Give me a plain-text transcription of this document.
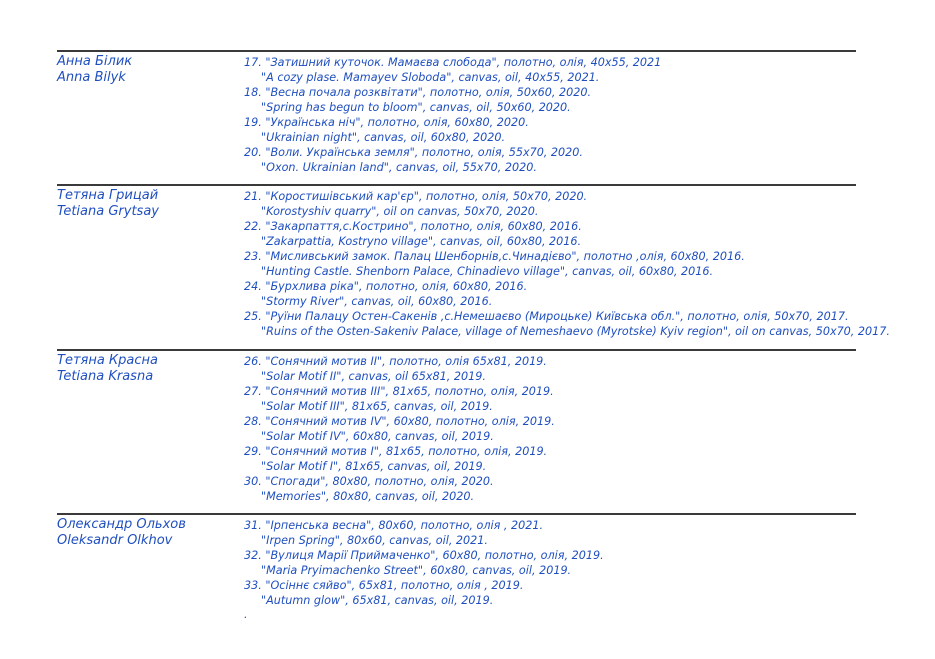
Анна Білик
Anna Bilyk
17. "Затишний куточок. Мамаєва слобода", полотно, олія, 40x55, 2021
"A cozy plase. Mamayev Sloboda", canvas, oil, 40x55, 2021.
18. "Весна почала розквітати", полотно, олія, 50x60, 2020.
"Spring has begun to bloom", canvas, oil, 50x60, 2020.
19. "Українська ніч", полотно, олія, 60x80, 2020.
"Ukrainian night", canvas, oil, 60x80, 2020.
20. "Воли. Українська земля", полотно, олія, 55x70, 2020.
"Oxon. Ukrainian land", canvas, oil, 55x70, 2020.
Тетяна Грицай
Tetiana Grytsay
21. "Коростишівський кар'єр", полотно, олія, 50x70, 2020.
"Korostyshiv quarry", oil on canvas, 50x70, 2020.
22. "Закарпаття,с.Кострино", полотно, олія, 60x80, 2016.
"Zakarpattia, Kostryno village", canvas, oil, 60x80, 2016.
23. "Мисливський замок. Палац Шенборнів,с.Чинадієво", полотно ,олія, 60x80, 2016.
"Hunting Castle. Shenborn Palace, Chinadievo village", canvas, oil, 60x80, 2016.
24. "Бурхлива ріка", полотно, олія, 60x80, 2016.
"Stormy River", canvas, oil, 60x80, 2016.
25. "Руїни Палацу Остен-Сакенів ,с.Немешаєво (Мироцьке) Київська обл.", полотно, олія, 50x70, 2017.
"Ruins of the Osten-Sakeniv Palace, village of Nemeshaevo (Myrotske) Kyiv region", oil on canvas, 50x70, 2017.
Тетяна Красна
Tetiana Krasna
26. "Сонячний мотив ІІ", полотно, олія 65x81, 2019.
"Solar Motif II", canvas, oil 65x81, 2019.
27. "Сонячний мотив ІІІ", 81x65, полотно, олія, 2019.
"Solar Motif III", 81x65, canvas, oil, 2019.
28. "Сонячний мотив IV", 60x80, полотно, олія, 2019.
"Solar Motif IV", 60x80, canvas, oil, 2019.
29. "Сонячний мотив І", 81x65, полотно, олія, 2019.
"Solar Motif I", 81x65, canvas, oil, 2019.
30. "Спогади", 80x80, полотно, олія, 2020.
"Memories", 80x80, canvas, oil, 2020.
Олександр Ольхов
Oleksandr Olkhov
31. "Ірпенська весна", 80x60, полотно, олія , 2021.
"Irpen Spring", 80x60, canvas, oil, 2021.
32. "Вулиця Марії Приймаченко", 60x80, полотно, олія, 2019.
"Maria Pryimachenko Street", 60x80, canvas, oil, 2019.
33. "Осіннє сяйво", 65x81, полотно, олія , 2019.
"Autumn glow", 65x81, canvas, oil, 2019.
.
